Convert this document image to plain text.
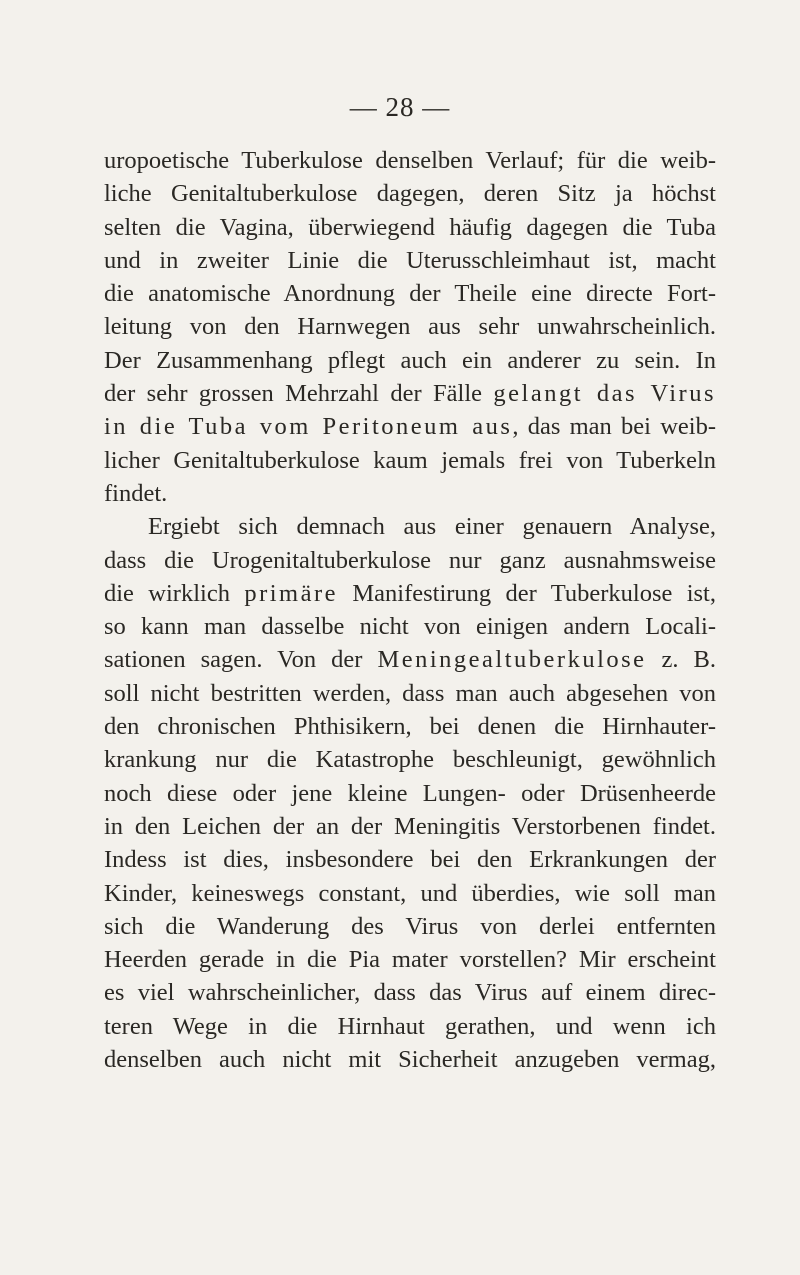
— 28 —
uropoetische Tuberkulose denselben Verlauf; für die weib-
liche Genitaltuberkulose dagegen, deren Sitz ja höchst
selten die Vagina, überwiegend häufig dagegen die Tuba
und in zweiter Linie die Uterusschleimhaut ist, macht
die anatomische Anordnung der Theile eine directe Fort-
leitung von den Harnwegen aus sehr unwahrscheinlich.
Der Zusammenhang pflegt auch ein anderer zu sein. In
der sehr grossen Mehrzahl der Fälle gelangt das Virus
in die Tuba vom Peritoneum aus, das man bei weib-
licher Genitaltuberkulose kaum jemals frei von Tuberkeln
findet.
Ergiebt sich demnach aus einer genauern Analyse,
dass die Urogenitaltuberkulose nur ganz ausnahmsweise
die wirklich primäre Manifestirung der Tuberkulose ist,
so kann man dasselbe nicht von einigen andern Locali-
sationen sagen. Von der Meningealtuberkulose z. B.
soll nicht bestritten werden, dass man auch abgesehen von
den chronischen Phthisikern, bei denen die Hirnhauter-
krankung nur die Katastrophe beschleunigt, gewöhnlich
noch diese oder jene kleine Lungen- oder Drüsenheerde
in den Leichen der an der Meningitis Verstorbenen findet.
Indess ist dies, insbesondere bei den Erkrankungen der
Kinder, keineswegs constant, und überdies, wie soll man
sich die Wanderung des Virus von derlei entfernten
Heerden gerade in die Pia mater vorstellen? Mir erscheint
es viel wahrscheinlicher, dass das Virus auf einem direc-
teren Wege in die Hirnhaut gerathen, und wenn ich
denselben auch nicht mit Sicherheit anzugeben vermag,
